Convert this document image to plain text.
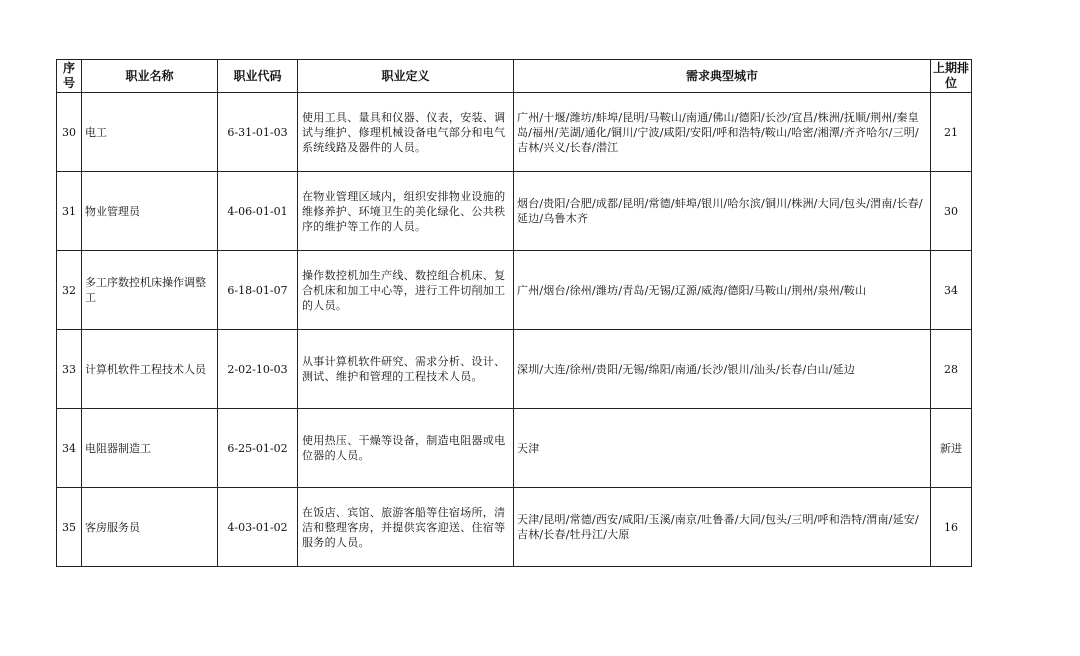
序号	职业名称	职业代码	职业定义	需求典型城市	上期排位
30	电工	6-31-01-03	使用工具、量具和仪器、仪表，安装、调试与维护、修理机械设备电气部分和电气系统线路及器件的人员。	广州/十堰/潍坊/蚌埠/昆明/马鞍山/南通/佛山/德阳/长沙/宜昌/株洲/抚顺/荆州/秦皇岛/福州/芜湖/通化/铜川/宁波/咸阳/安阳/呼和浩特/鞍山/哈密/湘潭/齐齐哈尔/三明/吉林/兴义/长春/潜江	21
31	物业管理员	4-06-01-01	在物业管理区域内，组织安排物业设施的维修养护、环境卫生的美化绿化、公共秩序的维护等工作的人员。	烟台/贵阳/合肥/成都/昆明/常德/蚌埠/银川/哈尔滨/铜川/株洲/大同/包头/渭南/长春/延边/乌鲁木齐	30
32	多工序数控机床操作调整工	6-18-01-07	操作数控机加生产线、数控组合机床、复合机床和加工中心等，进行工件切削加工的人员。	广州/烟台/徐州/潍坊/青岛/无锡/辽源/威海/德阳/马鞍山/荆州/泉州/鞍山	34
33	计算机软件工程技术人员	2-02-10-03	从事计算机软件研究、需求分析、设计、测试、维护和管理的工程技术人员。	深圳/大连/徐州/贵阳/无锡/绵阳/南通/长沙/银川/汕头/长春/白山/延边	28
34	电阻器制造工	6-25-01-02	使用热压、干燥等设备，制造电阻器或电位器的人员。	天津	新进
35	客房服务员	4-03-01-02	在饭店、宾馆、旅游客船等住宿场所，清洁和整理客房，并提供宾客迎送、住宿等服务的人员。	天津/昆明/常德/西安/咸阳/玉溪/南京/吐鲁番/大同/包头/三明/呼和浩特/渭南/延安/吉林/长春/牡丹江/大原	16
